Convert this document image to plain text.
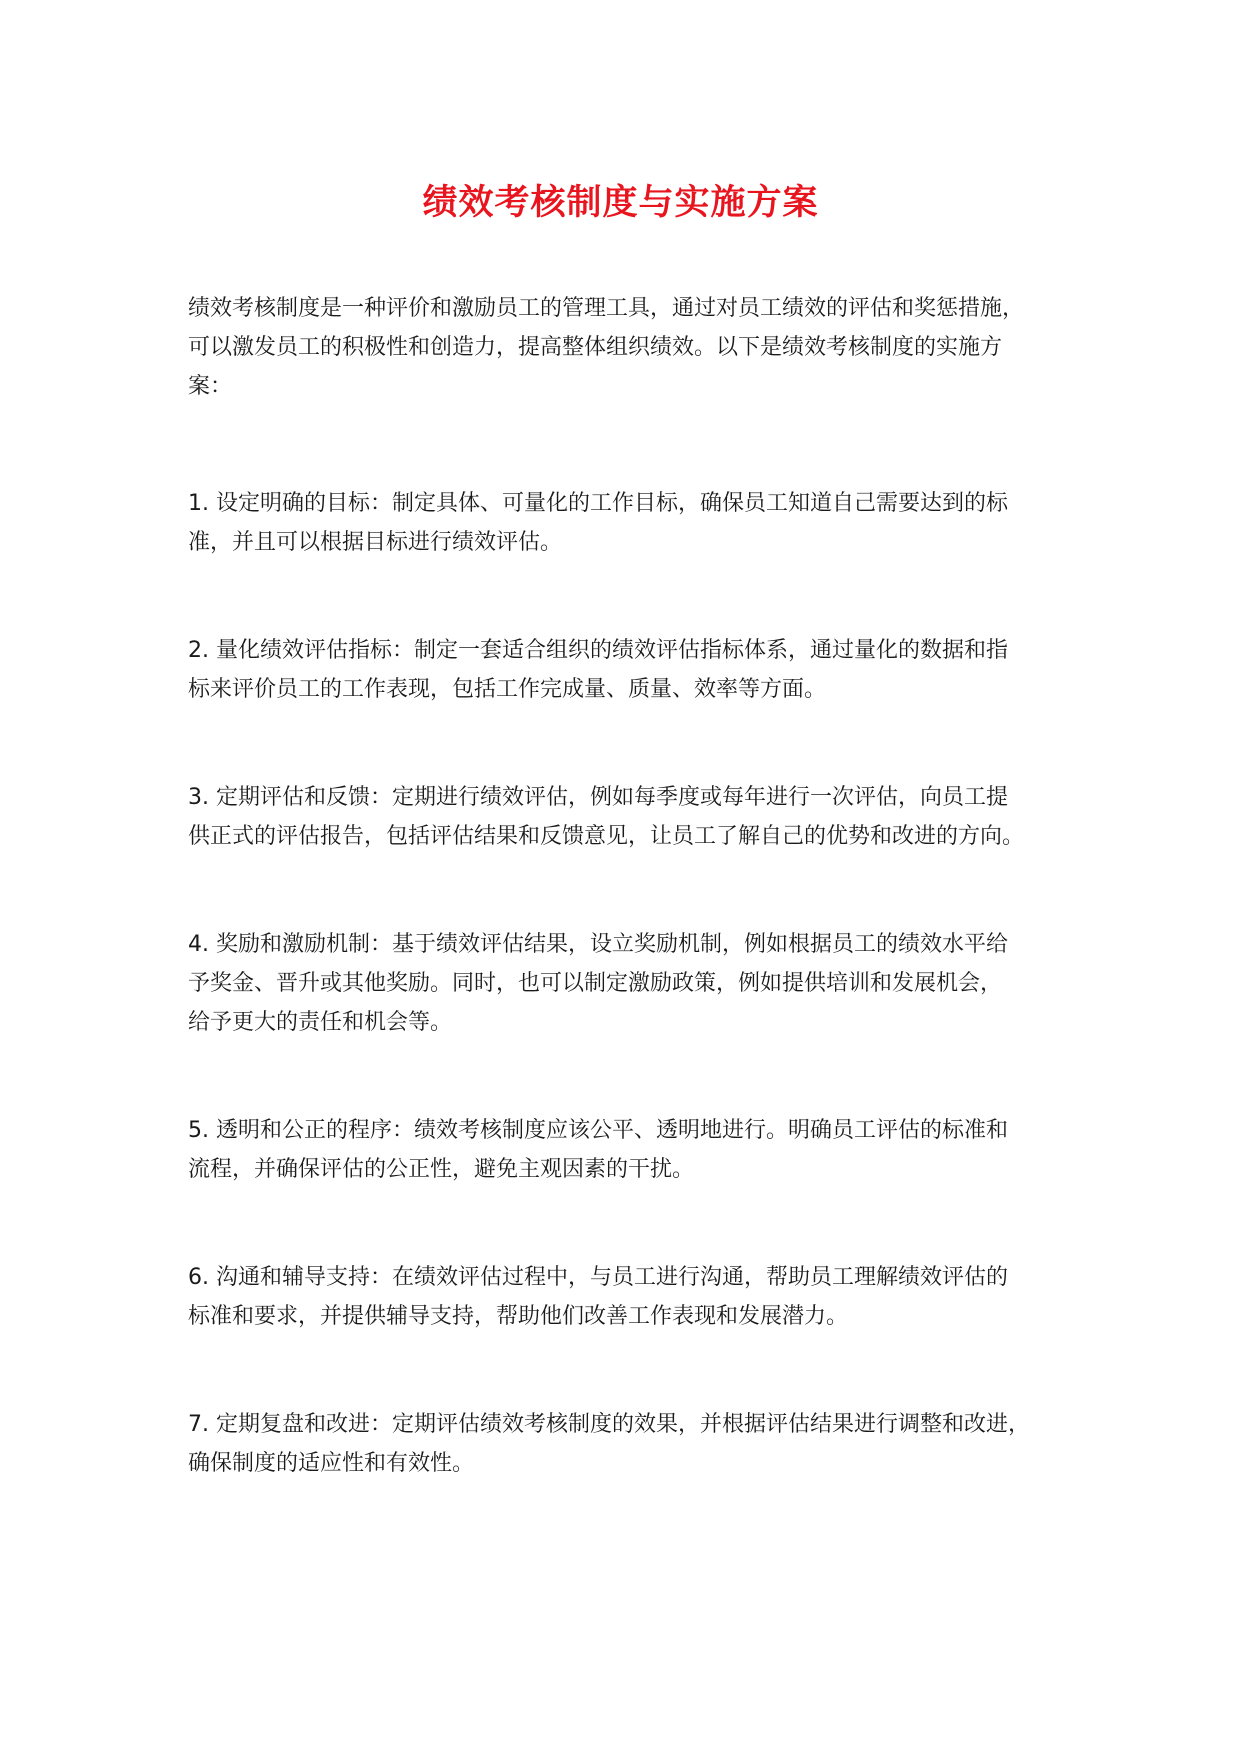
绩效考核制度与实施方案

绩效考核制度是一种评价和激励员工的管理工具，通过对员工绩效的评估和奖惩措施，
可以激发员工的积极性和创造力，提高整体组织绩效。以下是绩效考核制度的实施方
案：

1. 设定明确的目标：制定具体、可量化的工作目标，确保员工知道自己需要达到的标
准，并且可以根据目标进行绩效评估。

2. 量化绩效评估指标：制定一套适合组织的绩效评估指标体系，通过量化的数据和指
标来评价员工的工作表现，包括工作完成量、质量、效率等方面。

3. 定期评估和反馈：定期进行绩效评估，例如每季度或每年进行一次评估，向员工提
供正式的评估报告，包括评估结果和反馈意见，让员工了解自己的优势和改进的方向。

4. 奖励和激励机制：基于绩效评估结果，设立奖励机制，例如根据员工的绩效水平给
予奖金、晋升或其他奖励。同时，也可以制定激励政策，例如提供培训和发展机会，
给予更大的责任和机会等。

5. 透明和公正的程序：绩效考核制度应该公平、透明地进行。明确员工评估的标准和
流程，并确保评估的公正性，避免主观因素的干扰。

6. 沟通和辅导支持：在绩效评估过程中，与员工进行沟通，帮助员工理解绩效评估的
标准和要求，并提供辅导支持，帮助他们改善工作表现和发展潜力。

7. 定期复盘和改进：定期评估绩效考核制度的效果，并根据评估结果进行调整和改进，
确保制度的适应性和有效性。
